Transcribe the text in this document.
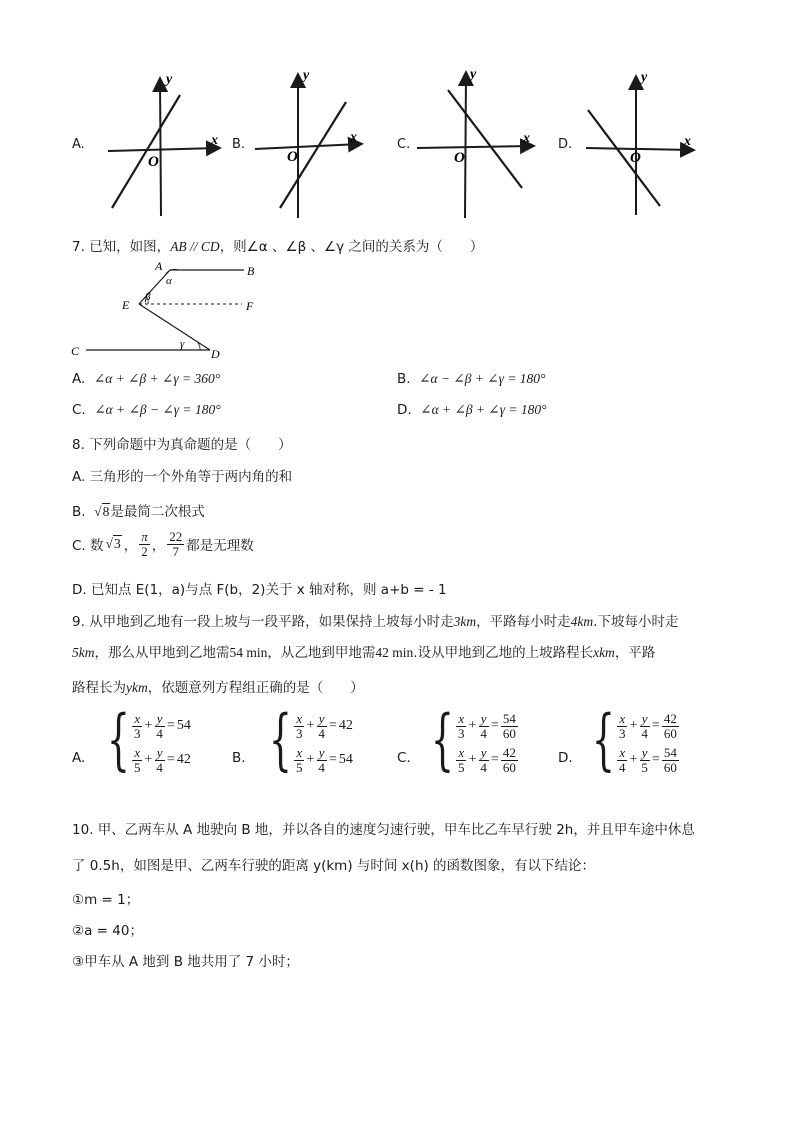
A.
y
x
O
B.
y
x
O
C.
y
x
O
D.
y
x
O
7. 已知，如图，AB // CD，则∠α 、∠β 、∠γ 之间的关系为（　　）
A	B
E	F
C	D
α
β
γ
A. ∠α + ∠β + ∠γ = 360°	B. ∠α − ∠β + ∠γ = 180°
C. ∠α + ∠β − ∠γ = 180°	D. ∠α + ∠β + ∠γ = 180°
8. 下列命题中为真命题的是（　　）
A. 三角形的一个外角等于两内角的和
B. √8是最简二次根式
C. 数 √3 ， $\frac{\pi}{2}$ ， $\frac{22}{7}$ 都是无理数
D. 已知点 E(1，a)与点 F(b，2)关于 x 轴对称，则 a+b = - 1
9. 从甲地到乙地有一段上坡与一段平路，如果保持上坡每小时走3km，平路每小时走4km.下坡每小时走
5km，那么从甲地到乙地需54 min，从乙地到甲地需42 min.设从甲地到乙地的上坡路程长xkm，平路
路程长为ykm，依题意列方程组正确的是（　　）
A. { $\frac{x}{3} + \frac{y}{4} = 54$
$\frac{x}{5} + \frac{y}{4} = 42$	B. { $\frac{x}{3} + \frac{y}{4} = 42$
$\frac{x}{5} + \frac{y}{4} = 54$	C. { $\frac{x}{3} + \frac{y}{4} = \frac{54}{60}$
$\frac{x}{5} + \frac{y}{4} = \frac{42}{60}$	D. { $\frac{x}{3} + \frac{y}{4} = \frac{42}{60}$
$\frac{x}{4} + \frac{y}{5} = \frac{54}{60}$
10. 甲、乙两车从 A 地驶向 B 地，并以各自的速度匀速行驶，甲车比乙车早行驶 2h，并且甲车途中休息
了 0.5h，如图是甲、乙两车行驶的距离 y(km) 与时间 x(h) 的函数图象，有以下结论：
①m = 1；
②a = 40；
③甲车从 A 地到 B 地共用了 7 小时；
